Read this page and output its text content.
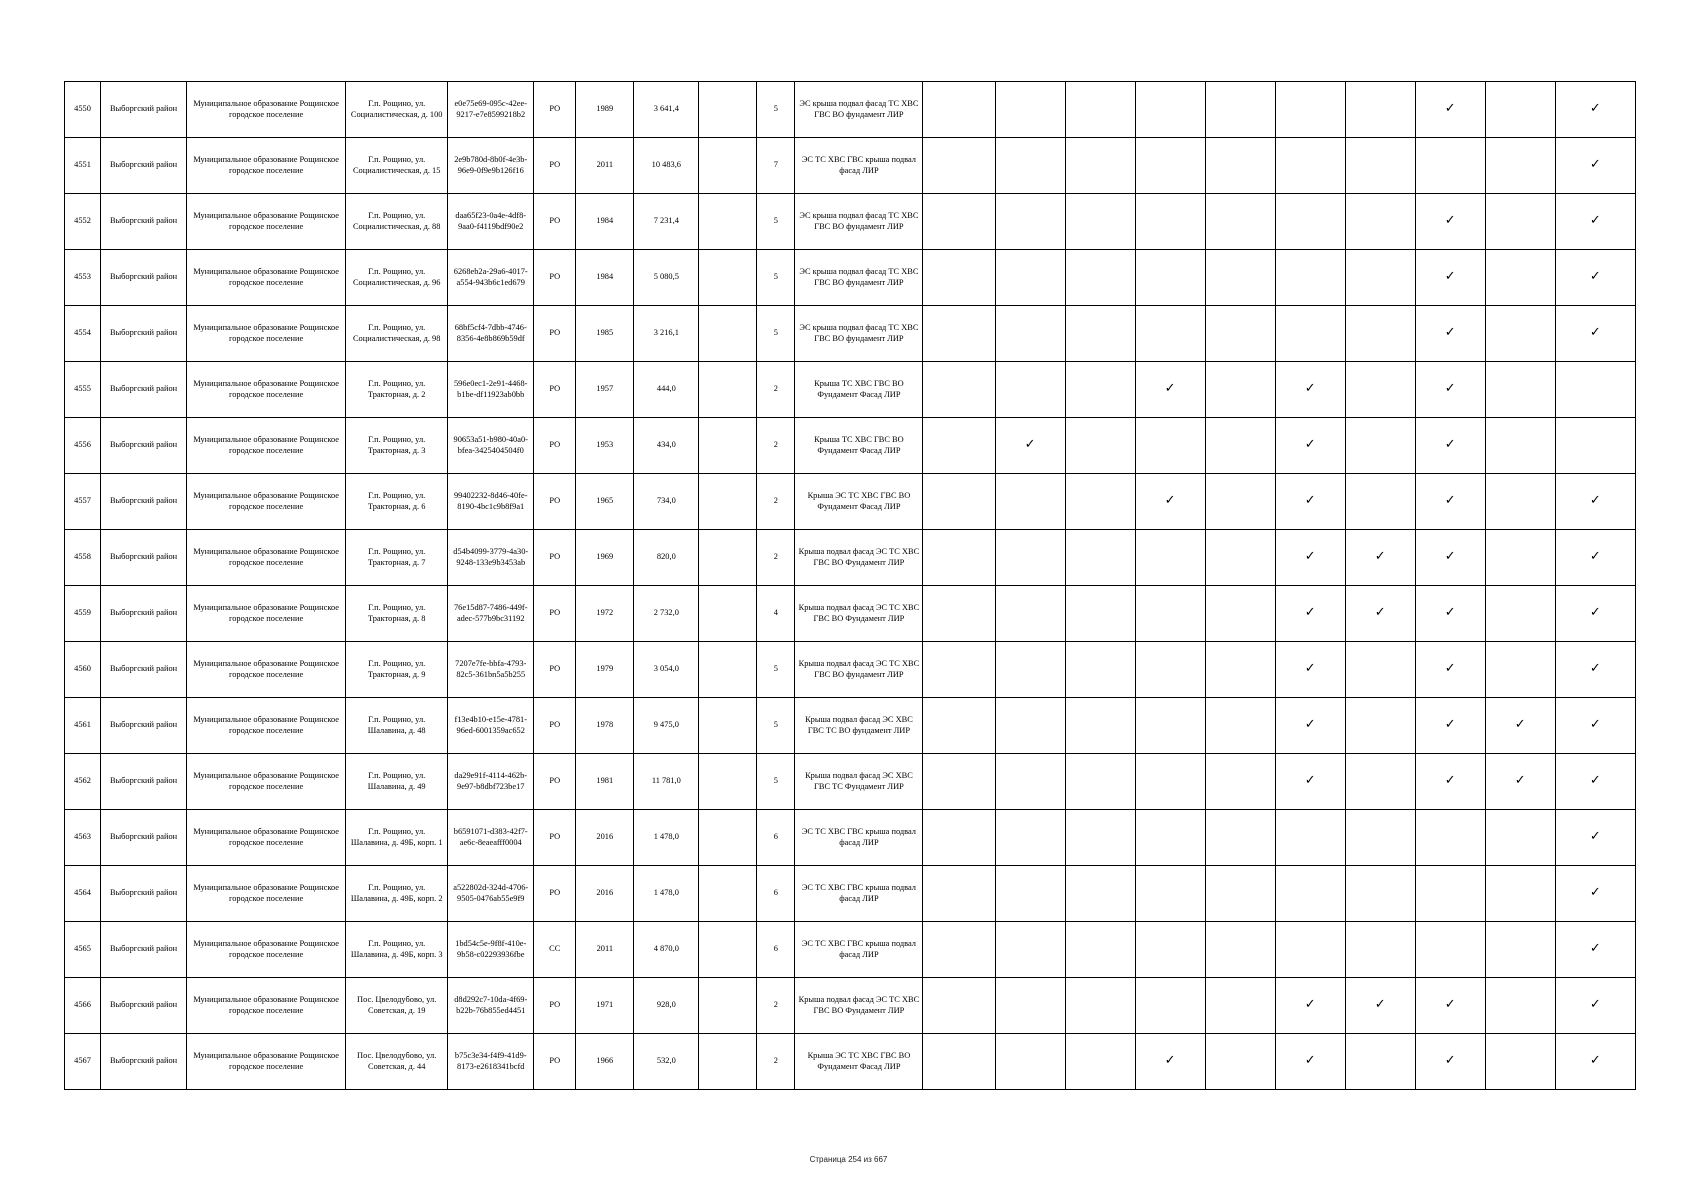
4550	Выборгский район	Муниципальное образование Рощинское городское поселение	Г.п. Рощино, ул. Социалистическая, д. 100	e0e75e69-095c-42ee-9217-e7e8599218b2	РО	1989	3 641,4		5	ЭС крыша подвал фасад ТС ХВС ГВС ВО фундамент ЛИР								✓		✓
4551	Выборгский район	Муниципальное образование Рощинское городское поселение	Г.п. Рощино, ул. Социалистическая, д. 15	2e9b780d-8b0f-4e3b-96e9-0f9e9b126f16	РО	2011	10 483,6		7	ЭС ТС ХВС ГВС крыша подвал фасад ЛИР										✓
4552	Выборгский район	Муниципальное образование Рощинское городское поселение	Г.п. Рощино, ул. Социалистическая, д. 88	daa65f23-0a4e-4df8-9aa0-f4119bdf90e2	РО	1984	7 231,4		5	ЭС крыша подвал фасад ТС ХВС ГВС ВО фундамент ЛИР								✓		✓
4553	Выборгский район	Муниципальное образование Рощинское городское поселение	Г.п. Рощино, ул. Социалистическая, д. 96	6268eb2a-29a6-4017-a554-943b6c1ed679	РО	1984	5 080,5		5	ЭС крыша подвал фасад ТС ХВС ГВС ВО фундамент ЛИР								✓		✓
4554	Выборгский район	Муниципальное образование Рощинское городское поселение	Г.п. Рощино, ул. Социалистическая, д. 98	68bf5cf4-7dbb-4746-8356-4e8b869b59df	РО	1985	3 216,1		5	ЭС крыша подвал фасад ТС ХВС ГВС ВО фундамент ЛИР								✓		✓
4555	Выборгский район	Муниципальное образование Рощинское городское поселение	Г.п. Рощино, ул. Тракторная, д. 2	596e0ec1-2e91-4468-b1be-df11923ab0bb	РО	1957	444,0		2	Крыша ТС ХВС ГВС ВО Фундамент Фасад ЛИР				✓		✓		✓		
4556	Выборгский район	Муниципальное образование Рощинское городское поселение	Г.п. Рощино, ул. Тракторная, д. 3	90653a51-b980-40a0-bfea-3425404504f0	РО	1953	434,0		2	Крыша ТС ХВС ГВС ВО Фундамент Фасад ЛИР		✓				✓		✓		
4557	Выборгский район	Муниципальное образование Рощинское городское поселение	Г.п. Рощино, ул. Тракторная, д. 6	99402232-8d46-40fe-8190-4bc1c9b8f9a1	РО	1965	734,0		2	Крыша ЭС ТС ХВС ГВС ВО Фундамент Фасад ЛИР				✓		✓		✓		✓
4558	Выборгский район	Муниципальное образование Рощинское городское поселение	Г.п. Рощино, ул. Тракторная, д. 7	d54b4099-3779-4a30-9248-133e9b3453ab	РО	1969	820,0		2	Крыша подвал фасад ЭС ТС ХВС ГВС ВО Фундамент ЛИР						✓	✓	✓		✓
4559	Выборгский район	Муниципальное образование Рощинское городское поселение	Г.п. Рощино, ул. Тракторная, д. 8	76e15d87-7486-449f-adec-577b9bc31192	РО	1972	2 732,0		4	Крыша подвал фасад ЭС ТС ХВС ГВС ВО Фундамент ЛИР						✓	✓	✓		✓
4560	Выборгский район	Муниципальное образование Рощинское городское поселение	Г.п. Рощино, ул. Тракторная, д. 9	7207e7fe-bbfa-4793-82c5-361bn5a5b255	РО	1979	3 054,0		5	Крыша подвал фасад ЭС ТС ХВС ГВС ВО фундамент ЛИР						✓		✓		✓
4561	Выборгский район	Муниципальное образование Рощинское городское поселение	Г.п. Рощино, ул. Шалавина, д. 48	f13e4b10-e15e-4781-96ed-6001359ac652	РО	1978	9 475,0		5	Крыша подвал фасад ЭС ХВС ГВС ТС ВО фундамент ЛИР						✓		✓	✓	✓
4562	Выборгский район	Муниципальное образование Рощинское городское поселение	Г.п. Рощино, ул. Шалавина, д. 49	da29e91f-4114-462b-9e97-b8dbf723be17	РО	1981	11 781,0		5	Крыша подвал фасад ЭС ХВС ГВС ТС Фундамент ЛИР						✓		✓	✓	✓
4563	Выборгский район	Муниципальное образование Рощинское городское поселение	Г.п. Рощино, ул. Шалавина, д. 49Б, корп. 1	b6591071-d383-42f7-ae6c-8eaeafff0004	РО	2016	1 478,0		6	ЭС ТС ХВС ГВС крыша подвал фасад ЛИР										✓
4564	Выборгский район	Муниципальное образование Рощинское городское поселение	Г.п. Рощино, ул. Шалавина, д. 49Б, корп. 2	a522802d-324d-4706-9505-0476ab55e9f9	РО	2016	1 478,0		6	ЭС ТС ХВС ГВС крыша подвал фасад ЛИР										✓
4565	Выборгский район	Муниципальное образование Рощинское городское поселение	Г.п. Рощино, ул. Шалавина, д. 49Б, корп. 3	1bd54c5e-9f8f-410e-9b58-c02293936fbe	СС	2011	4 870,0		6	ЭС ТС ХВС ГВС крыша подвал фасад ЛИР										✓
4566	Выборгский район	Муниципальное образование Рощинское городское поселение	Пос. Цвелодубово, ул. Советская, д. 19	d8d292c7-10da-4f69-b22b-76b855ed4451	РО	1971	928,0		2	Крыша подвал фасад ЭС ТС ХВС ГВС ВО Фундамент ЛИР						✓	✓	✓		✓
4567	Выборгский район	Муниципальное образование Рощинское городское поселение	Пос. Цвелодубово, ул. Советская, д. 44	b75c3e34-f4f9-41d9-8173-e2618341bcfd	РО	1966	532,0		2	Крыша ЭС ТС ХВС ГВС ВО Фундамент Фасад ЛИР				✓		✓		✓		✓
Страница 254 из 667
